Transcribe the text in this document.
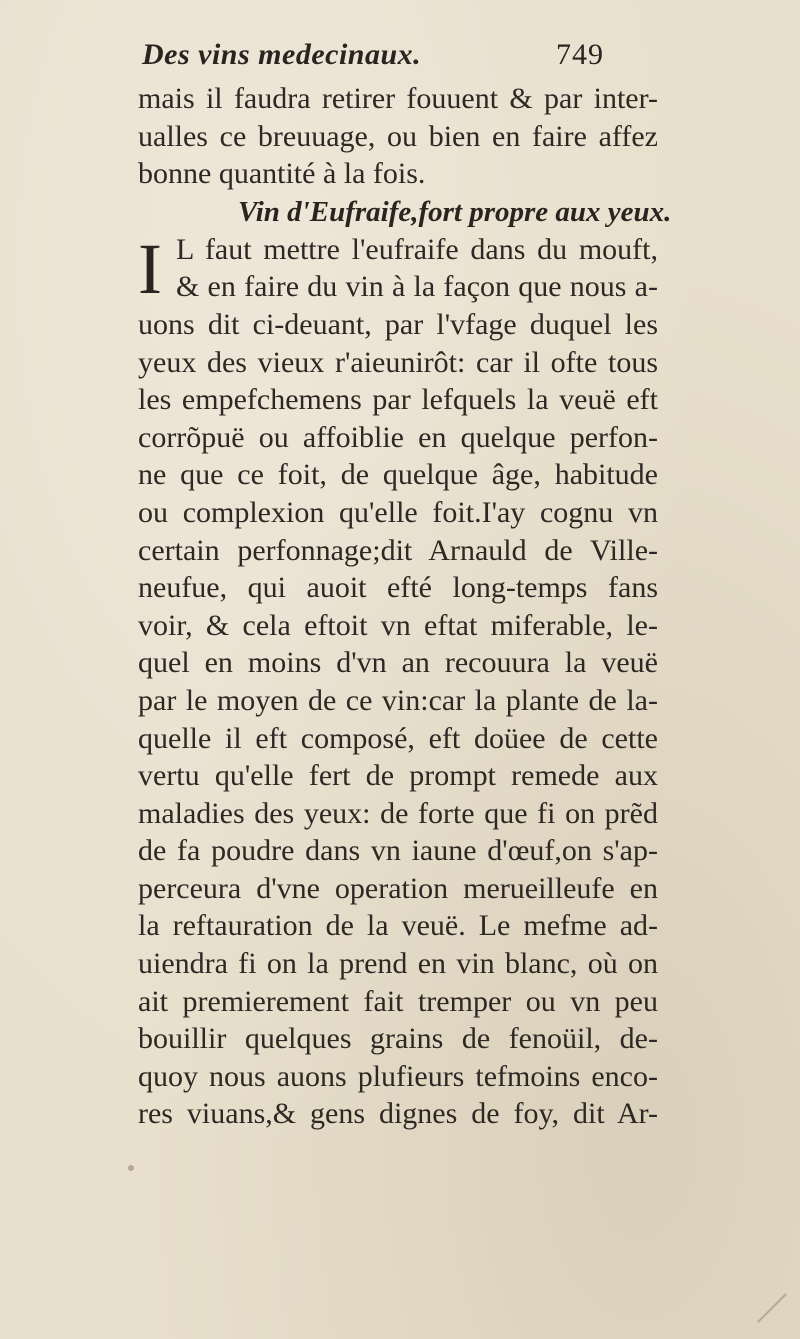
Des vins medecinaux.	749
mais il faudra retirer fouuent & par inter-
ualles ce breuuage, ou bien en faire affez
bonne quantité à la fois.
Vin d'Eufraife,fort propre aux yeux.
I L faut mettre l'eufraife dans du mouft,
& en faire du vin à la façon que nous a-
uons dit ci-deuant, par l'vfage duquel les
yeux des vieux r'aieunirôt: car il ofte tous
les empefchemens par lefquels la veuë eft
corrõpuë ou affoiblie en quelque perfon-
ne que ce foit, de quelque âge, habitude
ou complexion qu'elle foit.I'ay cognu vn
certain perfonnage;dit Arnauld de Ville-
neufue, qui auoit efté long-temps fans
voir, & cela eftoit vn eftat miferable, le-
quel en moins d'vn an recouura la veuë
par le moyen de ce vin:car la plante de la-
quelle il eft composé, eft doüee de cette
vertu qu'elle fert de prompt remede aux
maladies des yeux: de forte que fi on prẽd
de fa poudre dans vn iaune d'œuf,on s'ap-
perceura d'vne operation merueilleufe en
la reftauration de la veuë. Le mefme ad-
uiendra fi on la prend en vin blanc, où on
ait premierement fait tremper ou vn peu
bouillir quelques grains de fenoüil, de-
quoy nous auons plufieurs tefmoins enco-
res viuans,& gens dignes de foy, dit Ar-
